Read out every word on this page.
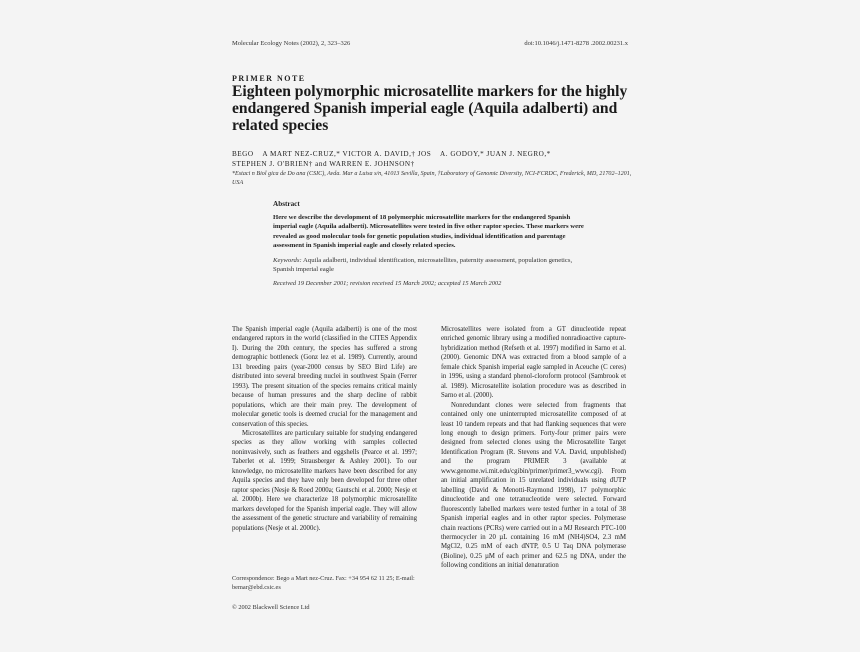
Molecular Ecology Notes (2002), 2, 323–326	doi:10.1046/j.1471-8278 .2002.00231.x
PRIMER NOTE
Eighteen polymorphic microsatellite markers for the highly endangered Spanish imperial eagle (Aquila adalberti) and related species
BEGO    A MART NEZ-CRUZ,* VICTOR A. DAVID,† JOS    A. GODOY,* JUAN J. NEGRO,*
STEPHEN J. O'BRIEN† and WARREN E. JOHNSON†
*Estaci n Biol gica de Do ana (CSIC), Avda. Mar a Luisa s/n, 41013 Sevilla, Spain, †Laboratory of Genomic Diversity, NCI-FCRDC, Frederick, MD, 21702–1201, USA
Abstract

Here we describe the development of 18 polymorphic microsatellite markers for the endangered Spanish imperial eagle (Aquila adalberti). Microsatellites were tested in five other raptor species. These markers were revealed as good molecular tools for genetic population studies, individual identification and parentage assessment in Spanish imperial eagle and closely related species.

Keywords: Aquila adalberti, individual identification, microsatellites, paternity assessment, population genetics, Spanish imperial eagle

Received 19 December 2001; revision received 15 March 2002; accepted 15 March 2002

The Spanish imperial eagle (Aquila adalberti) is one of the most endangered raptors in the world (classified in the CITES Appendix I). During the 20th century, the species has suffered a strong demographic bottleneck (Gonz lez et al. 1989). Currently, around 131 breeding pairs (year-2000 census by SEO Bird Life) are distributed into several breeding nuclei in southwest Spain (Ferrer 1993). The present situation of the species remains critical mainly because of human pressures and the sharp decline of rabbit populations, which are their main prey. The development of molecular genetic tools is deemed crucial for the management and conservation of this species.

Microsatellites are particulary suitable for studying endangered species as they allow working with samples collected noninvasively, such as feathers and eggshells (Pearce et al. 1997; Taberlet et al. 1999; Strausberger & Ashley 2001). To our knowledge, no microsatellite markers have been described for any Aquila species and they have only been developed for three other raptor species (Nesje & Roed 2000a; Gautschi et al. 2000; Nesje et al. 2000b). Here we characterize 18 polymorphic microsatellite markers developed for the Spanish imperial eagle. They will allow the assessment of the genetic structure and variability of remaining populations (Nesje et al. 2000c).

Microsatellites were isolated from a GT dinucleotide repeat enriched genomic library using a modified nonradioactive capture-hybridization method (Refseth et al. 1997) modified in Sarno et al. (2000). Genomic DNA was extracted from a blood sample of a female chick Spanish imperial eagle sampled in Aceuche (C ceres) in 1996, using a standard phenol-cloroform protocol (Sambrook et al. 1989). Microsatellite isolation procedure was as described in Sarno et al. (2000).

Nonredundant clones were selected from fragments that contained only one uninterrupted microsatellite composed of at least 10 tandem repeats and that had flanking sequences that were long enough to design primers. Forty-four primer pairs were designed from selected clones using the Microsatellite Target Identification Program (R. Stevens and V.A. David, unpublished) and the program PRIMER 3 (available at www.genome.wi.mit.edu/cgibin/primer/primer3_www.cgi). From an initial amplification in 15 unrelated individuals using dUTP labelling (David & Menotti-Raymond 1998), 17 polymorphic dinucleotide and one tetranucleotide were selected. Forward fluorescently labelled markers were tested further in a total of 38 Spanish imperial eagles and in other raptor species. Polymerase chain reactions (PCRs) were carried out in a MJ Research PTC-100 thermocycler in 20 µL containing 16 mM (NH4)SO4, 2.3 mM MgCl2, 0.25 mM of each dNTP, 0.5 U Taq DNA polymerase (Bioline), 0.25 µM of each primer and 62.5 ng DNA, under the following conditions an initial denaturation

Correspondence: Bego a Mart nez-Cruz. Fax: +34 954 62 11 25; E-mail: bemar@ebd.csic.es
© 2002 Blackwell Science Ltd
